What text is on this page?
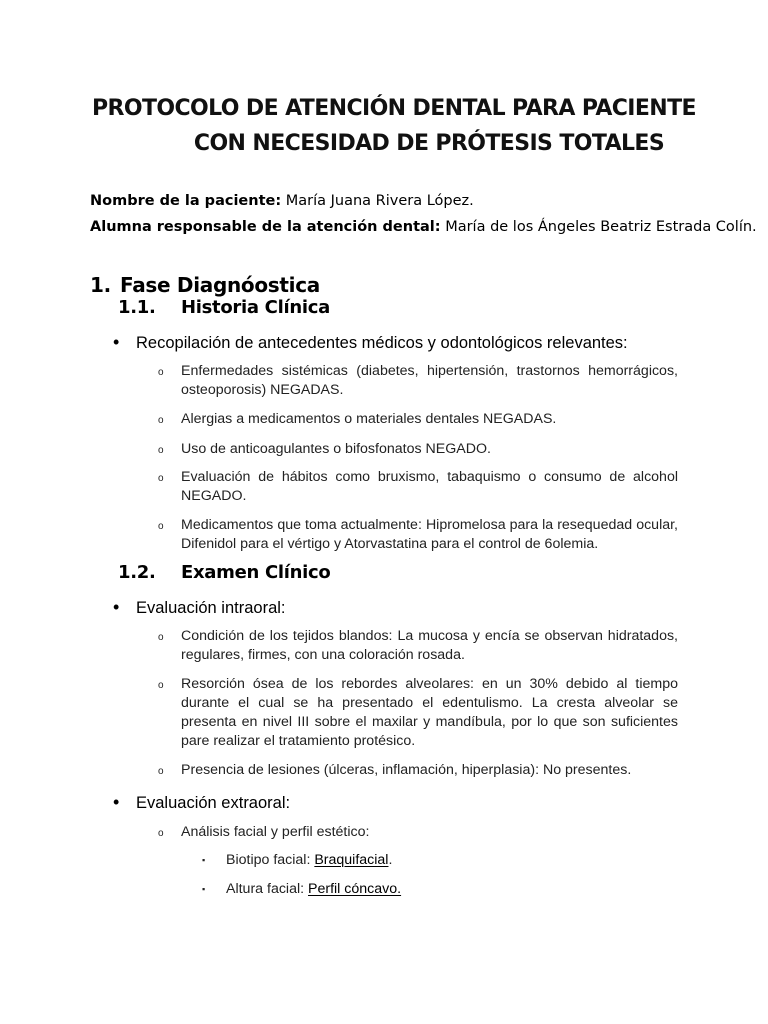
PROTOCOLO DE ATENCIÓN DENTAL PARA PACIENTE
CON NECESIDAD DE PRÓTESIS TOTALES
Nombre de la paciente: María Juana Rivera López.
Alumna responsable de la atención dental: María de los Ángeles Beatriz Estrada Colín.
1. Fase Diagnóostica
1.1. Historia Clínica
• Recopilación de antecedentes médicos y odontológicos relevantes:
o Enfermedades sistémicas (diabetes, hipertensión, trastornos hemorrágicos, osteoporosis) NEGADAS.
o Alergias a medicamentos o materiales dentales NEGADAS.
o Uso de anticoagulantes o bifosfonatos NEGADO.
o Evaluación de hábitos como bruxismo, tabaquismo o consumo de alcohol NEGADO.
o Medicamentos que toma actualmente: Hipromelosa para la resequedad ocular, Difenidol para el vértigo y Atorvastatina para el control de 6olemia.
1.2. Examen Clínico
• Evaluación intraoral:
o Condición de los tejidos blandos: La mucosa y encía se observan hidratados, regulares, firmes, con una coloración rosada.
o Resorción ósea de los rebordes alveolares: en un 30% debido al tiempo durante el cual se ha presentado el edentulismo. La cresta alveolar se presenta en nivel III sobre el maxilar y mandíbula, por lo que son suficientes pare realizar el tratamiento protésico.
o Presencia de lesiones (úlceras, inflamación, hiperplasia): No presentes.
• Evaluación extraoral:
o Análisis facial y perfil estético:
▪ Biotipo facial: Braquifacial.
▪ Altura facial: Perfil cóncavo.
